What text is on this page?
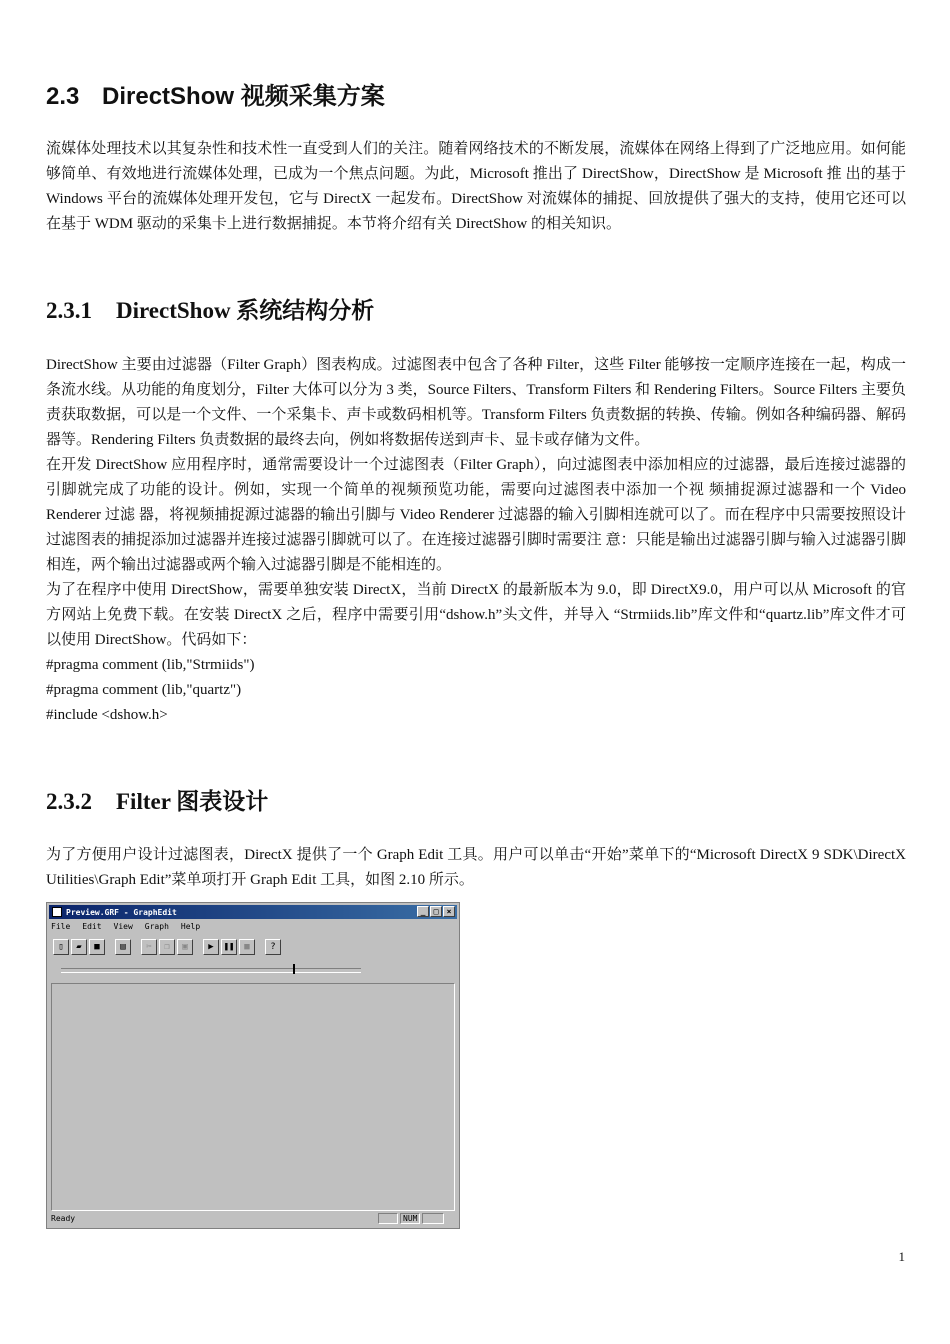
2.3 DirectShow 视频采集方案

流媒体处理技术以其复杂性和技术性一直受到人们的关注。随着网络技术的不断发展，流媒体在网络上得到了广泛地应用。如何能 够简单、有效地进行流媒体处理，已成为一个焦点问题。为此，Microsoft 推出了 DirectShow，DirectShow 是 Microsoft 推 出的基于 Windows 平台的流媒体处理开发包，它与 DirectX 一起发布。DirectShow 对流媒体的捕捉、回放提供了强大的支持，使用它还可以 在基于 WDM 驱动的采集卡上进行数据捕捉。本节将介绍有关 DirectShow 的相关知识。

2.3.1 DirectShow 系统结构分析

DirectShow 主要由过滤器（Filter Graph）图表构成。过滤图表中包含了各种 Filter，这些 Filter 能够按一定顺序连接在一起，构成一条流水线。从功能的角度划分，Filter 大体可以分为 3 类，Source Filters、Transform Filters 和 Rendering Filters。Source Filters 主要负责获取数据，可以是一个文件、一个采集卡、声卡或数码相机等。Transform Filters 负责数据的转换、传输。例如各种编码器、解码器等。Rendering Filters 负责数据的最终去向，例如将数据传送到声卡、显卡或存储为文件。

在开发 DirectShow 应用程序时，通常需要设计一个过滤图表（Filter Graph），向过滤图表中添加相应的过滤器，最后连接过滤器的引脚就完成了功能的设计。例如，实现一个简单的视频预览功能，需要向过滤图表中添加一个视 频捕捉源过滤器和一个 Video Renderer 过滤 器，将视频捕捉源过滤器的输出引脚与 Video Renderer 过滤器的输入引脚相连就可以了。而在程序中只需要按照设计过滤图表的捕捉添加过滤器并连接过滤器引脚就可以了。在连接过滤器引脚时需要注 意：只能是输出过滤器引脚与输入过滤器引脚相连，两个输出过滤器或两个输入过滤器引脚是不能相连的。

为了在程序中使用 DirectShow，需要单独安装 DirectX，当前 DirectX 的最新版本为 9.0，即 DirectX9.0，用户可以从 Microsoft 的官方网站上免费下载。在安装 DirectX 之后，程序中需要引用“dshow.h”头文件，并导入 “Strmiids.lib”库文件和“quartz.lib”库文件才可以使用 DirectShow。代码如下：

#pragma comment (lib,"Strmiids")
#pragma comment (lib,"quartz")
#include <dshow.h>
2.3.2 Filter 图表设计

为了方便用户设计过滤图表，DirectX 提供了一个 Graph Edit 工具。用户可以单击“开始”菜单下的“Microsoft DirectX 9 SDK\DirectX Utilities\Graph Edit”菜单项打开 Graph Edit 工具，如图 2.10 所示。

Preview.GRF - GraphEdit	_	□	×
File Edit View Graph Help
▯	▰	■	▤	✂	❐	▣	▶	❚❚	■	?
Ready	NUM
1
